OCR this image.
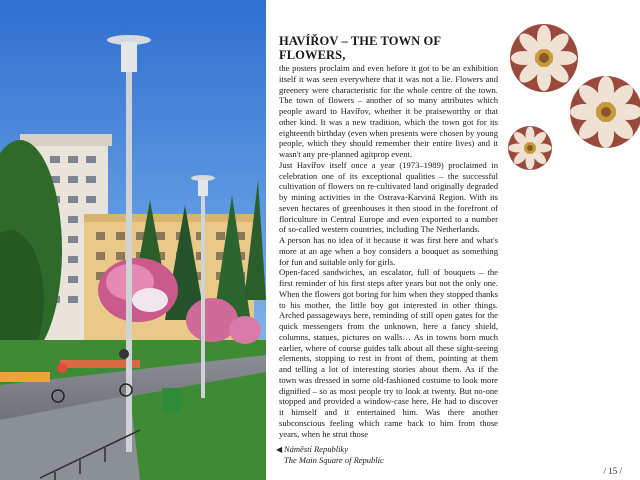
◀ Náměstí Republiky
The Main Square of Republic
HAVÍŘOV – THE TOWN OF FLOWERS,

the posters proclaim and even before it got to be an exhibition itself it was seen everywhere that it was not a lie. Flowers and greenery were characteristic for the whole centre of the town. The town of flowers – another of so many attributes which people award to Havířov, whether it be praiseworthy or that other kind. It was a new tradition, which the town got for its eighteenth birthday (even when presents were chosen by young people, which they should remember their entire lives) and it wasn't any pre-planned agitprop event.

Just Havířov itself once a year (1973–1989) proclaimed in celebration one of its exceptional qualities – the successful cultivation of flowers on re-cultivated land originally degraded by mining activities in the Ostrava-Karviná Region. With its seven hectares of greenhouses it then stood in the forefront of floriculture in Central Europe and even exported to a number of so-called western countries, including The Netherlands.

A person has no idea of it because it was first here and what's more at an age when a boy considers a bouquet as something for fun and suitable only for girls.

Open-faced sandwiches, an escalator, full of bouquets – the first reminder of his first steps after years but not the only one. When the flowers got boring for him when they stopped thanks to his mother, the little boy got interested in other things. Arched passageways here, reminding of still open gates for the quick messengers from the unknown, here a fancy shield, columns, statues, pictures on walls… As in towns born much earlier, where of course guides talk about all these sight-seeing elements, stopping to rest in front of them, pointing at them and telling a lot of interesting stories about them. As if the town was dressed in some old-fashioned costume to look more dignified – so as most people try to look at twenty. But no-one stopped and provided a window-case here. He had to discover it himself and it entertained him. Was there another subconscious feeling which came back to him from those years, when he strut those

/ 15 /
